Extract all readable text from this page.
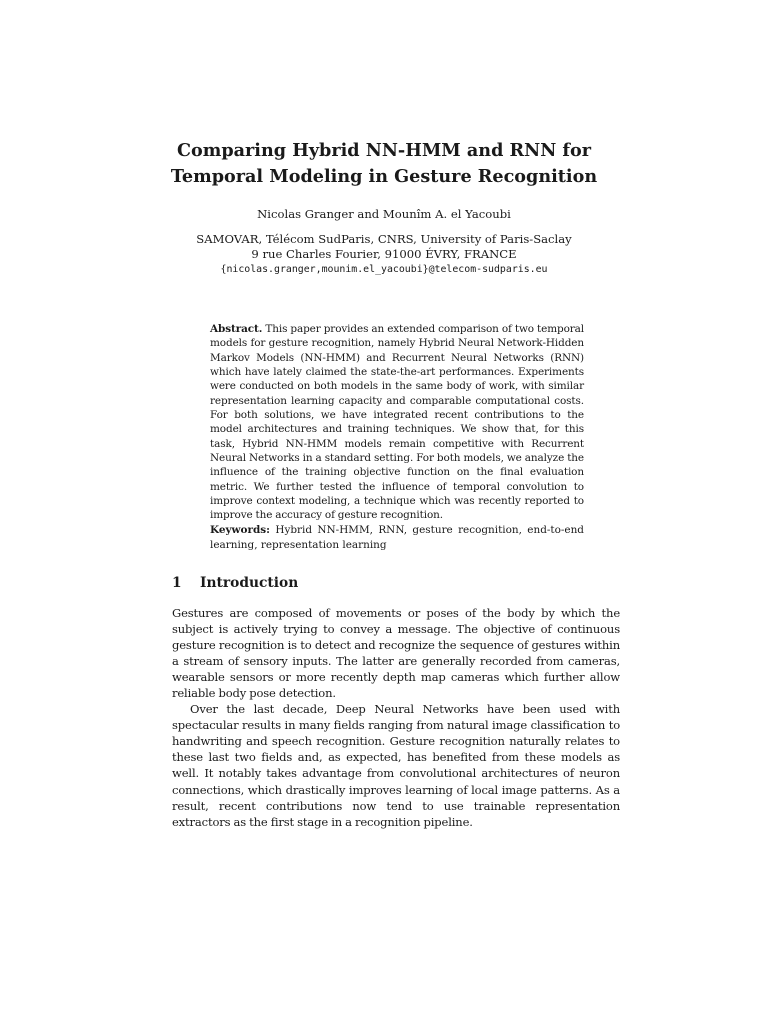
Comparing Hybrid NN-HMM and RNN for
Temporal Modeling in Gesture Recognition
Nicolas Granger and Mounîm A. el Yacoubi
SAMOVAR, Télécom SudParis, CNRS, University of Paris-Saclay
9 rue Charles Fourier, 91000 ÉVRY, FRANCE
{nicolas.granger,mounim.el_yacoubi}@telecom-sudparis.eu

Abstract. This paper provides an extended comparison of two temporal models for gesture recognition, namely Hybrid Neural Network-Hidden Markov Models (NN-HMM) and Recurrent Neural Networks (RNN) which have lately claimed the state-the-art performances. Experiments were conducted on both models in the same body of work, with similar representation learning capacity and comparable computational costs. For both solutions, we have integrated recent contributions to the model architectures and training techniques. We show that, for this task, Hybrid NN-HMM models remain competitive with Recurrent Neural Networks in a standard setting. For both models, we analyze the influence of the training objective function on the final evaluation metric. We further tested the influence of temporal convolution to improve context modeling, a technique which was recently reported to improve the accuracy of gesture recognition.

Keywords: Hybrid NN-HMM, RNN, gesture recognition, end-to-end learning, representation learning

1 Introduction

Gestures are composed of movements or poses of the body by which the subject is actively trying to convey a message. The objective of continuous gesture recognition is to detect and recognize the sequence of gestures within a stream of sensory inputs. The latter are generally recorded from cameras, wearable sensors or more recently depth map cameras which further allow reliable body pose detection.

Over the last decade, Deep Neural Networks have been used with spectacular results in many fields ranging from natural image classification to handwriting and speech recognition. Gesture recognition naturally relates to these last two fields and, as expected, has benefited from these models as well. It notably takes advantage from convolutional architectures of neuron connections, which drastically improves learning of local image patterns. As a result, recent contributions now tend to use trainable representation extractors as the first stage in a recognition pipeline.
